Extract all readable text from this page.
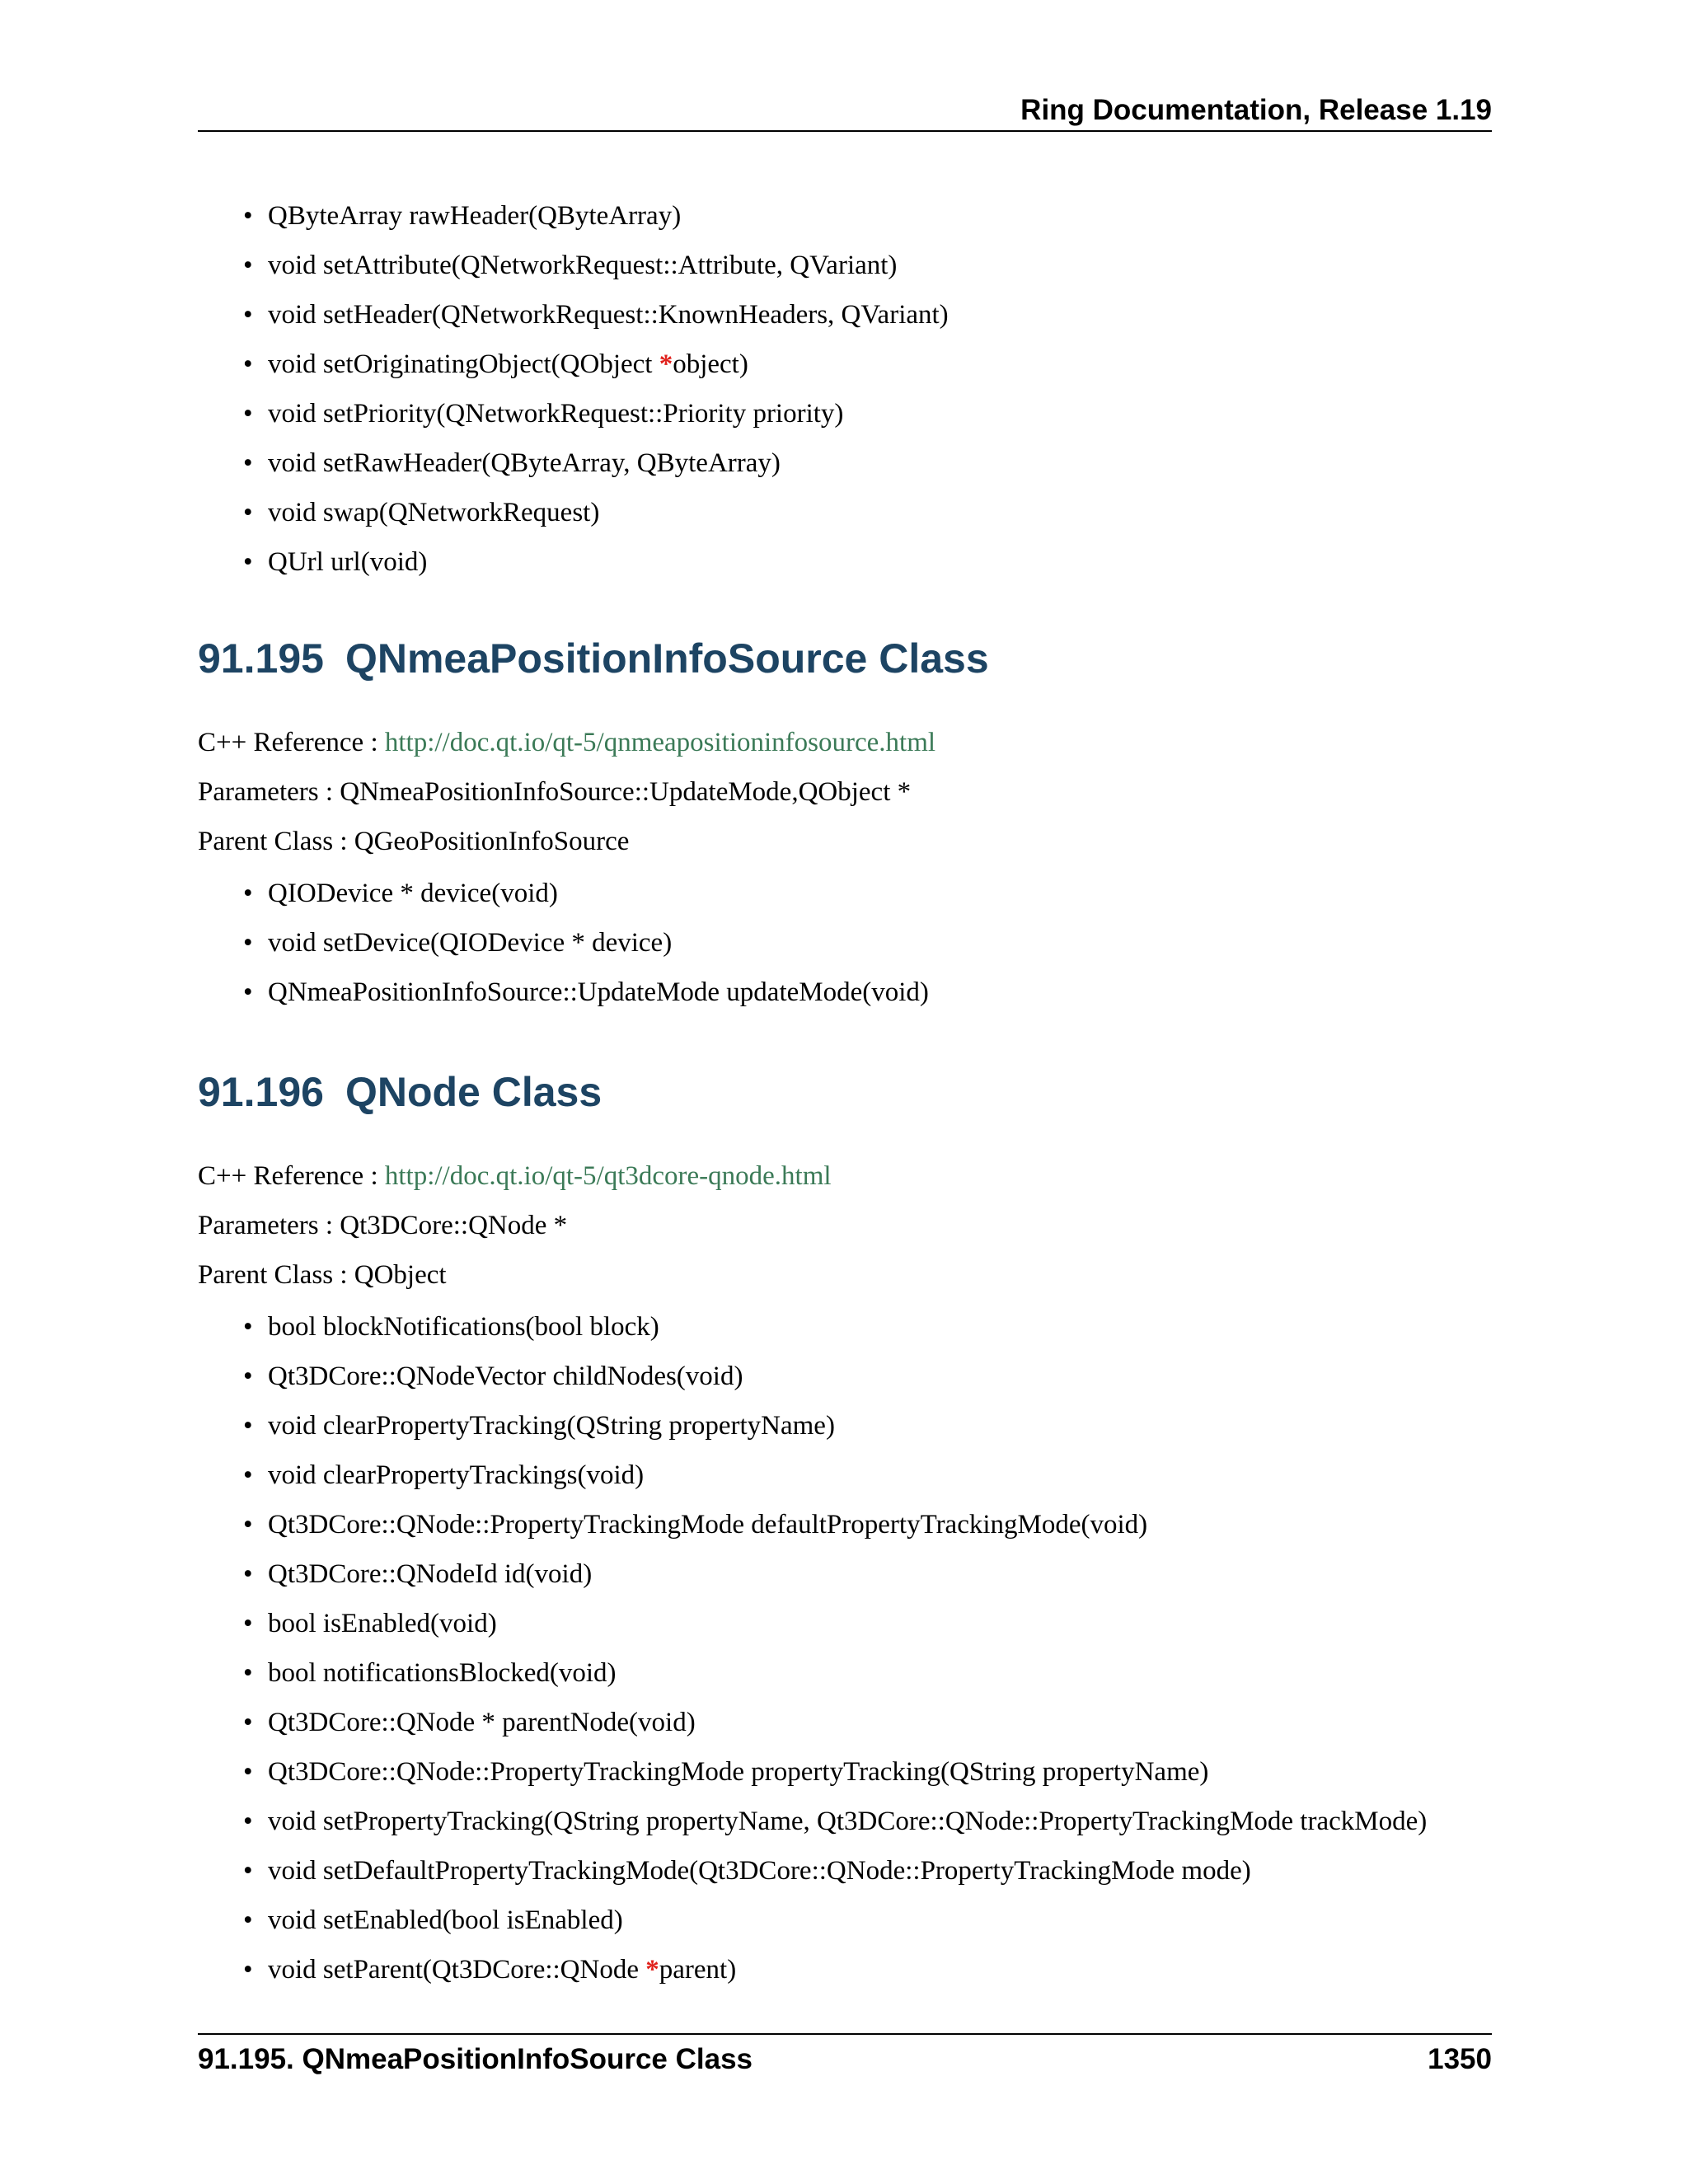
Ring Documentation, Release 1.19
• QByteArray rawHeader(QByteArray)
• void setAttribute(QNetworkRequest::Attribute, QVariant)
• void setHeader(QNetworkRequest::KnownHeaders, QVariant)
• void setOriginatingObject(QObject *object)
• void setPriority(QNetworkRequest::Priority priority)
• void setRawHeader(QByteArray, QByteArray)
• void swap(QNetworkRequest)
• QUrl url(void)
91.195 QNmeaPositionInfoSource Class
C++ Reference : http://doc.qt.io/qt-5/qnmeapositioninfosource.html
Parameters : QNmeaPositionInfoSource::UpdateMode,QObject *
Parent Class : QGeoPositionInfoSource
• QIODevice * device(void)
• void setDevice(QIODevice * device)
• QNmeaPositionInfoSource::UpdateMode updateMode(void)
91.196 QNode Class
C++ Reference : http://doc.qt.io/qt-5/qt3dcore-qnode.html
Parameters : Qt3DCore::QNode *
Parent Class : QObject
• bool blockNotifications(bool block)
• Qt3DCore::QNodeVector childNodes(void)
• void clearPropertyTracking(QString propertyName)
• void clearPropertyTrackings(void)
• Qt3DCore::QNode::PropertyTrackingMode defaultPropertyTrackingMode(void)
• Qt3DCore::QNodeId id(void)
• bool isEnabled(void)
• bool notificationsBlocked(void)
• Qt3DCore::QNode * parentNode(void)
• Qt3DCore::QNode::PropertyTrackingMode propertyTracking(QString propertyName)
• void setPropertyTracking(QString propertyName, Qt3DCore::QNode::PropertyTrackingMode trackMode)
• void setDefaultPropertyTrackingMode(Qt3DCore::QNode::PropertyTrackingMode mode)
• void setEnabled(bool isEnabled)
• void setParent(Qt3DCore::QNode *parent)
91.195. QNmeaPositionInfoSource Class	1350
